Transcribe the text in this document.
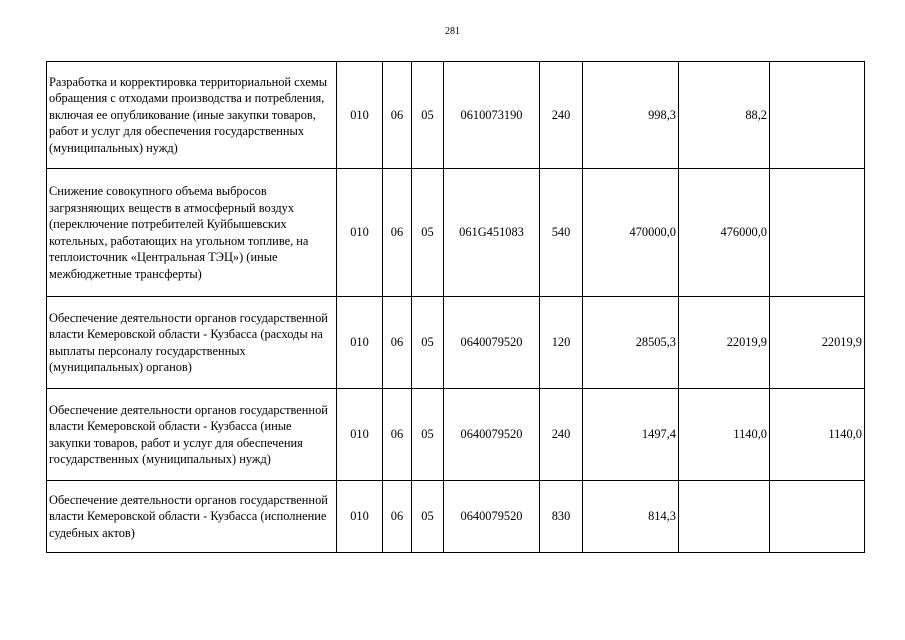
281
Разработка и корректировка территориальной схемы обращения с отходами производства и потребления, включая ее опубликование (иные закупки товаров, работ и услуг для обеспечения государственных (муниципальных) нужд)	010	06	05	0610073190	240	998,3	88,2	
Снижение совокупного объема выбросов загрязняющих веществ в атмосферный воздух (переключение потребителей Куйбышевских котельных, работающих на угольном топливе, на теплоисточник «Центральная ТЭЦ») (иные межбюджетные трансферты)	010	06	05	061G451083	540	470000,0	476000,0	
Обеспечение деятельности органов государственной власти Кемеровской области - Кузбасса (расходы на выплаты персоналу государственных (муниципальных) органов)	010	06	05	0640079520	120	28505,3	22019,9	22019,9
Обеспечение деятельности органов государственной власти Кемеровской области - Кузбасса (иные закупки товаров, работ и услуг для обеспечения государственных (муниципальных) нужд)	010	06	05	0640079520	240	1497,4	1140,0	1140,0
Обеспечение деятельности органов государственной власти Кемеровской области - Кузбасса (исполнение судебных актов)	010	06	05	0640079520	830	814,3		
